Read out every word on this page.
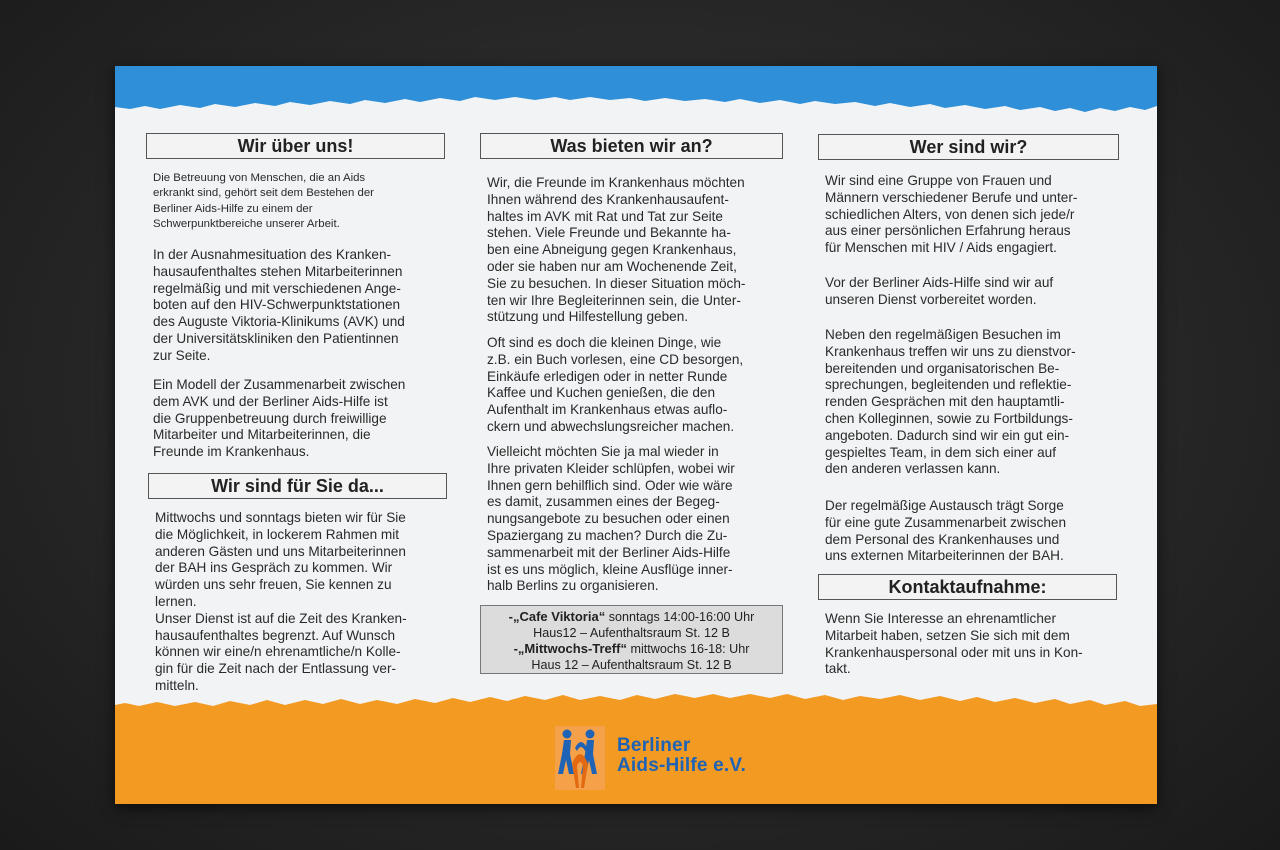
Wir über uns!

Die Betreuung von Menschen, die an Aids
erkrankt sind, gehört seit dem Bestehen der
Berliner Aids-Hilfe zu einem der
Schwerpunktbereiche unserer Arbeit.

In der Ausnahmesituation des Kranken-
hausaufenthaltes stehen Mitarbeiterinnen
regelmäßig und mit verschiedenen Ange-
boten auf den HIV-Schwerpunktstationen
des Auguste Viktoria-Klinikums (AVK) und
der Universitätskliniken den Patientinnen
zur Seite.

Ein Modell der Zusammenarbeit zwischen
dem AVK und der Berliner Aids-Hilfe ist
die Gruppenbetreuung durch freiwillige
Mitarbeiter und Mitarbeiterinnen, die
Freunde im Krankenhaus.

Wir sind für Sie da...

Mittwochs und sonntags bieten wir für Sie
die Möglichkeit, in lockerem Rahmen mit
anderen Gästen und uns Mitarbeiterinnen
der BAH ins Gespräch zu kommen. Wir
würden uns sehr freuen, Sie kennen zu
lernen.
Unser Dienst ist auf die Zeit des Kranken-
hausaufenthaltes begrenzt. Auf Wunsch
können wir eine/n ehrenamtliche/n Kolle-
gin für die Zeit nach der Entlassung ver-
mitteln.

Was bieten wir an?

Wir, die Freunde im Krankenhaus möchten
Ihnen während des Krankenhausaufent-
haltes im AVK mit Rat und Tat zur Seite
stehen. Viele Freunde und Bekannte ha-
ben eine Abneigung gegen Krankenhaus,
oder sie haben nur am Wochenende Zeit,
Sie zu besuchen. In dieser Situation möch-
ten wir Ihre Begleiterinnen sein, die Unter-
stützung und Hilfestellung geben.

Oft sind es doch die kleinen Dinge, wie
z.B. ein Buch vorlesen, eine CD besorgen,
Einkäufe erledigen oder in netter Runde
Kaffee und Kuchen genießen, die den
Aufenthalt im Krankenhaus etwas auflo-
ckern und abwechslungsreicher machen.

Vielleicht möchten Sie ja mal wieder in
Ihre privaten Kleider schlüpfen, wobei wir
Ihnen gern behilflich sind. Oder wie wäre
es damit, zusammen eines der Begeg-
nungsangebote zu besuchen oder einen
Spaziergang zu machen? Durch die Zu-
sammenarbeit mit der Berliner Aids-Hilfe
ist es uns möglich, kleine Ausflüge inner-
halb Berlins zu organisieren.

-„Cafe Viktoria“ sonntags 14:00-16:00 Uhr
Haus12 – Aufenthaltsraum St. 12 B
-„Mittwochs-Treff“ mittwochs 16-18: Uhr
Haus 12 – Aufenthaltsraum St. 12 B
Wer sind wir?

Wir sind eine Gruppe von Frauen und
Männern verschiedener Berufe und unter-
schiedlichen Alters, von denen sich jede/r
aus einer persönlichen Erfahrung heraus
für Menschen mit HIV / Aids engagiert.

Vor der Berliner Aids-Hilfe sind wir auf
unseren Dienst vorbereitet worden.

Neben den regelmäßigen Besuchen im
Krankenhaus treffen wir uns zu dienstvor-
bereitenden und organisatorischen Be-
sprechungen, begleitenden und reflektie-
renden Gesprächen mit den hauptamtli-
chen Kolleginnen, sowie zu Fortbildungs-
angeboten. Dadurch sind wir ein gut ein-
gespieltes Team, in dem sich einer auf
den anderen verlassen kann.

Der regelmäßige Austausch trägt Sorge
für eine gute Zusammenarbeit zwischen
dem Personal des Krankenhauses und
uns externen Mitarbeiterinnen der BAH.

Kontaktaufnahme:

Wenn Sie Interesse an ehrenamtlicher
Mitarbeit haben, setzen Sie sich mit dem
Krankenhauspersonal oder mit uns in Kon-
takt.

Berliner
Aids-Hilfe e.V.
